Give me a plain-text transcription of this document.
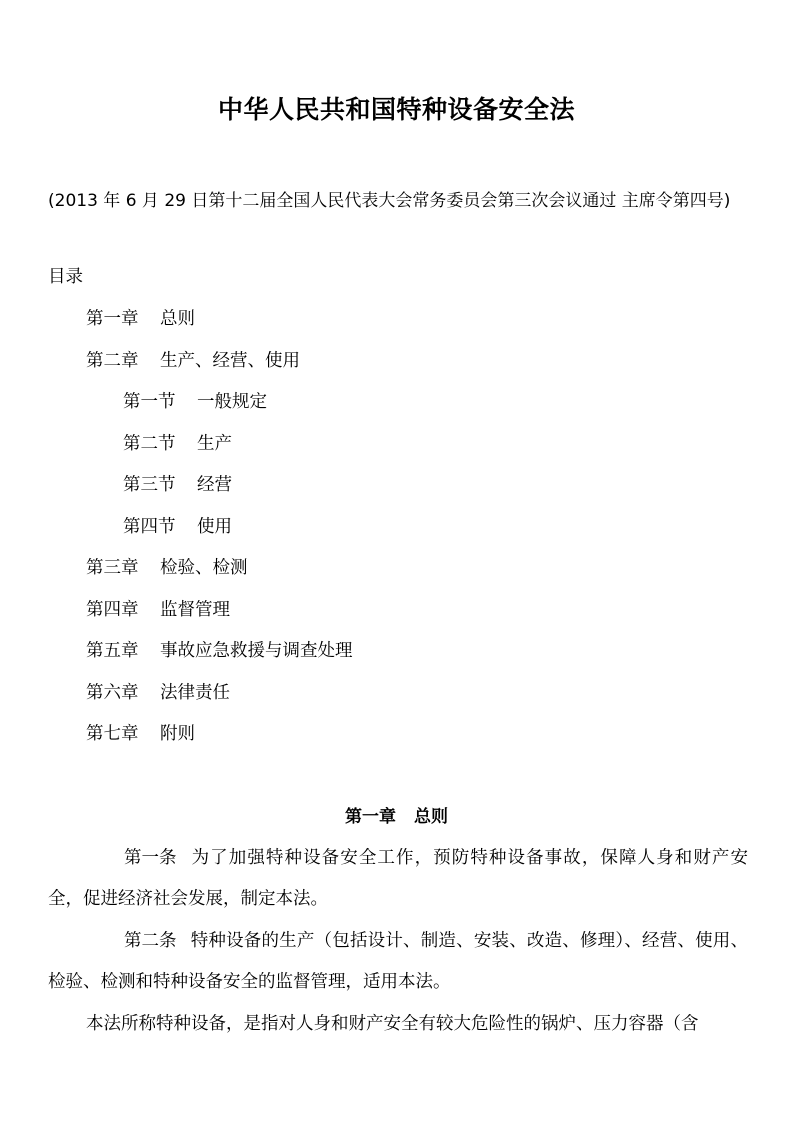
中华人民共和国特种设备安全法
(2013 年 6 月 29 日第十二届全国人民代表大会常务委员会第三次会议通过 主席令第四号)
目录
第一章	总则
第二章	生产、经营、使用
第一节	一般规定
第二节	生产
第三节	经营
第四节	使用
第三章	检验、检测
第四章	监督管理
第五章	事故应急救援与调查处理
第六章	法律责任
第七章	附则
第一章 总则
第一条 为了加强特种设备安全工作，预防特种设备事故，保障人身和财产安全，促进经济社会发展，制定本法。
第二条 特种设备的生产（包括设计、制造、安装、改造、修理）、经营、使用、检验、检测和特种设备安全的监督管理，适用本法。
本法所称特种设备，是指对人身和财产安全有较大危险性的锅炉、压力容器（含
